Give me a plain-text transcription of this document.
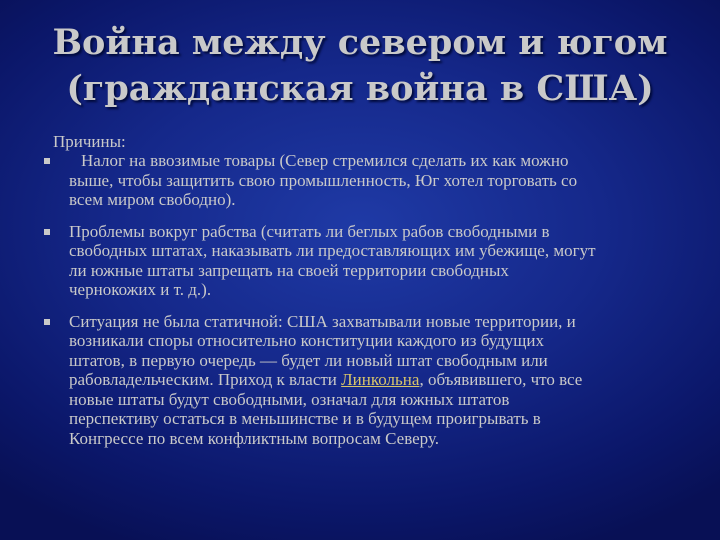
Война между севером и югом
(гражданская война в США)
Причины:
Налог на ввозимые товары (Север стремился сделать их как можно
выше, чтобы защитить свою промышленность, Юг хотел торговать со
всем миром свободно).
Проблемы вокруг рабства (считать ли беглых рабов свободными в
свободных штатах, наказывать ли предоставляющих им убежище, могут
ли южные штаты запрещать на своей территории свободных
чернокожих и т. д.).
Ситуация не была статичной: США захватывали новые территории, и
возникали споры относительно конституции каждого из будущих
штатов, в первую очередь — будет ли новый штат свободным или
рабовладельческим. Приход к власти Линкольна, объявившего, что все
новые штаты будут свободными, означал для южных штатов
перспективу остаться в меньшинстве и в будущем проигрывать в
Конгрессе по всем конфликтным вопросам Северу.
